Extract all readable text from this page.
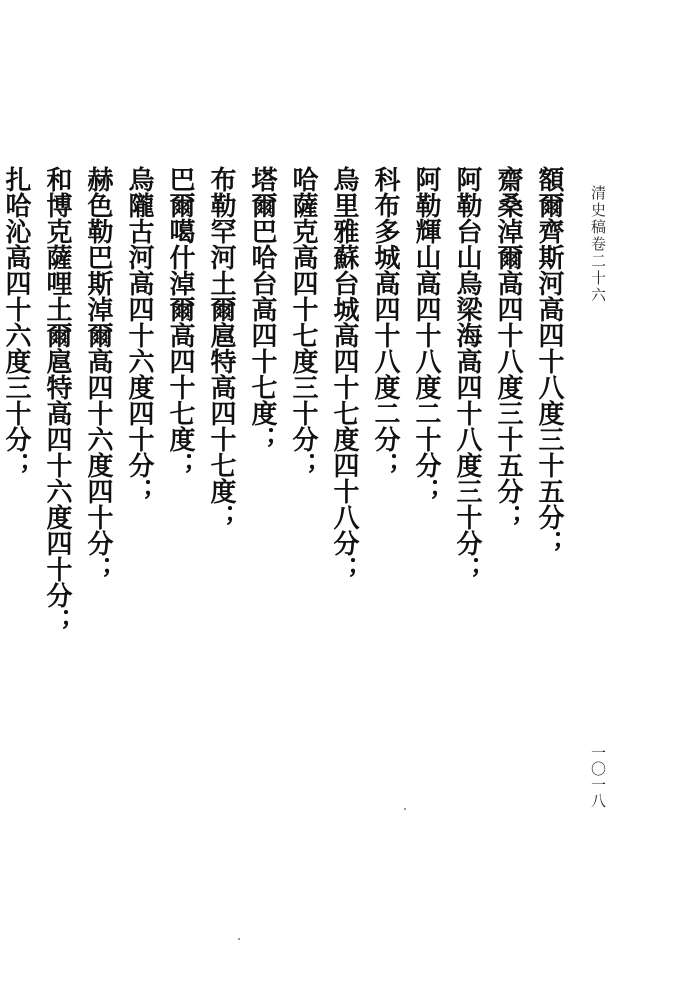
清史稿卷二十六

額爾齊斯河高四十八度三十五分；

齋桑淖爾高四十八度三十五分；

阿勒台山烏梁海高四十八度三十分；

阿勒輝山高四十八度二十分；

科布多城高四十八度二分；

烏里雅蘇台城高四十七度四十八分；

哈薩克高四十七度三十分；

塔爾巴哈台高四十七度；

布勒罕河土爾扈特高四十七度；

巴爾噶什淖爾高四十七度；

烏隴古河高四十六度四十分；

赫色勒巴斯淖爾高四十六度四十分；

和博克薩哩土爾扈特高四十六度四十分；

扎哈沁高四十六度三十分；

一〇一八
